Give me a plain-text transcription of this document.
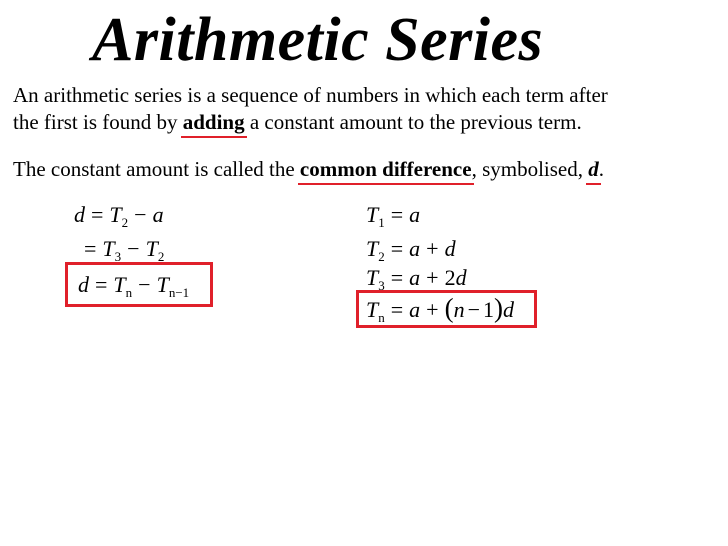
Arithmetic Series
An arithmetic series is a sequence of numbers in which each term after
the first is found by adding a constant amount to the previous term.
The constant amount is called the common difference, symbolised, d.
$d = T_2 - a$
= $T_3 - T_2$
$d = T_n - T_{n-1}$
$T_1 = a$
$T_2 = a + d$
$T_3 = a + 2d$
$T_n = a + (n - 1)d$
